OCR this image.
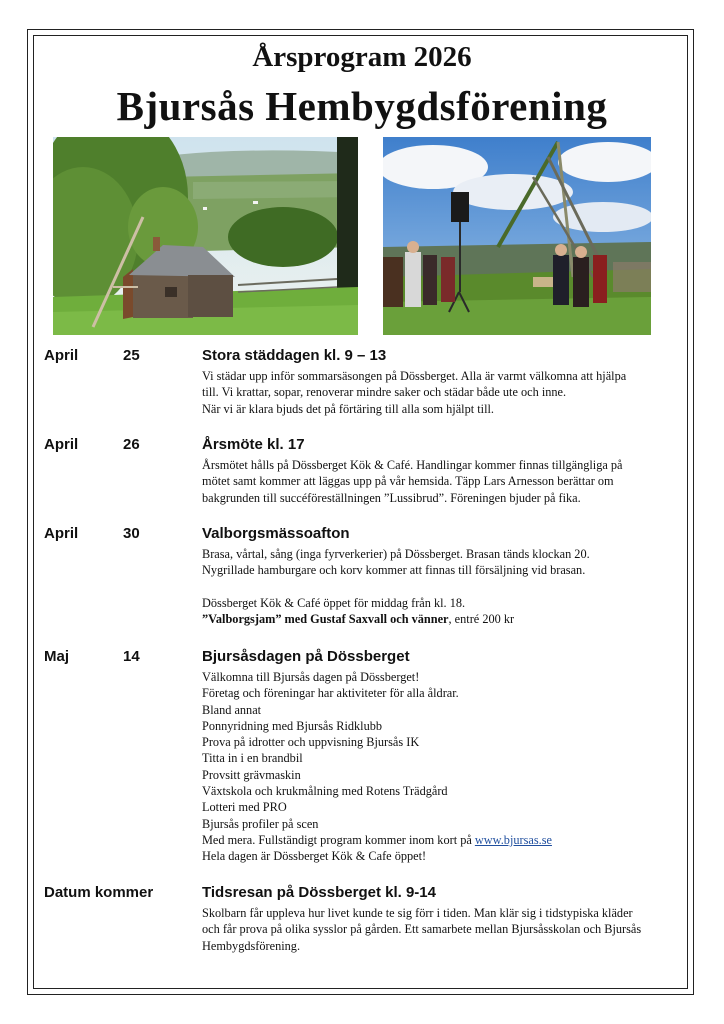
Årsprogram 2026
Bjursås Hembygdsförening
April	25	Stora städdagen kl. 9 – 13

Vi städar upp inför sommarsäsongen på Dössberget. Alla är varmt välkomna att hjälpa

till. Vi krattar, sopar, renoverar mindre saker och städar både ute och inne.

När vi är klara bjuds det på förtäring till alla som hjälpt till.

April	26	Årsmöte kl. 17

Årsmötet hålls på Dössberget Kök & Café. Handlingar kommer finnas tillgängliga på

mötet samt kommer att läggas upp på vår hemsida. Täpp Lars Arnesson berättar om

bakgrunden till succéföreställningen ”Lussibrud”. Föreningen bjuder på fika.

April	30	Valborgsmässoafton

Brasa, vårtal, sång (inga fyrverkerier) på Dössberget. Brasan tänds klockan 20.

Nygrillade hamburgare och korv kommer att finnas till försäljning vid brasan.

Dössberget Kök & Café öppet för middag från kl. 18.

”Valborgsjam” med Gustaf Saxvall och vänner, entré 200 kr

Maj	14	Bjursåsdagen på Dössberget

Välkomna till Bjursås dagen på Dössberget!

Företag och föreningar har aktiviteter för alla åldrar.

Bland annat

Ponnyridning med Bjursås Ridklubb

Prova på idrotter och uppvisning Bjursås IK

Titta in i en brandbil

Provsitt grävmaskin

Växtskola och krukmålning med Rotens Trädgård

Lotteri med PRO

Bjursås profiler på scen

Med mera. Fullständigt program kommer inom kort på www.bjursas.se

Hela dagen är Dössberget Kök & Cafe öppet!

Datum kommer	Tidsresan på Dössberget kl. 9-14

Skolbarn får uppleva hur livet kunde te sig förr i tiden. Man klär sig i tidstypiska kläder

och får prova på olika sysslor på gården. Ett samarbete mellan Bjursåsskolan och Bjursås

Hembygdsförening.
